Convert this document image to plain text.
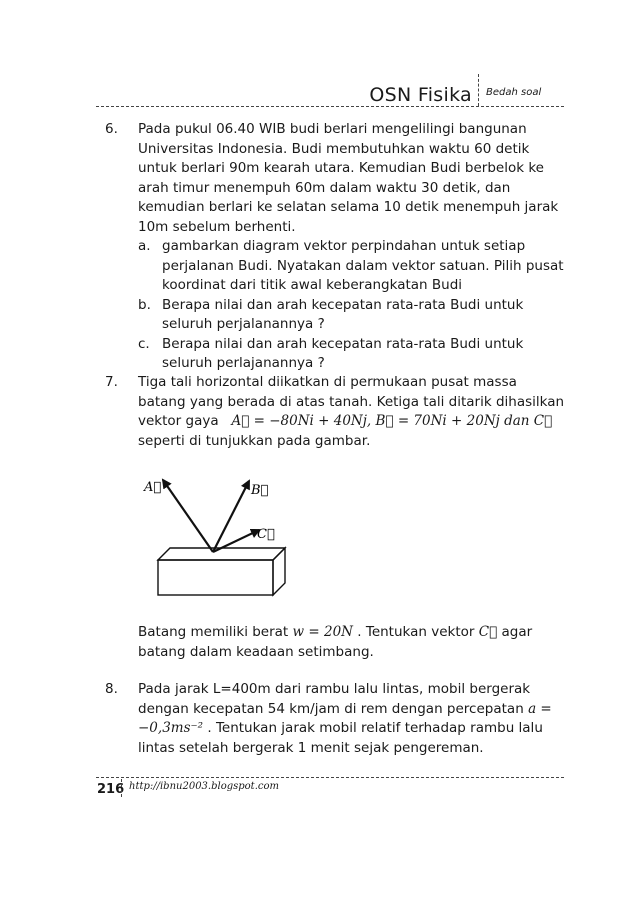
OSN Fisika Bedah soal
6. Pada pukul 06.40 WIB budi berlari mengelilingi bangunan Universitas Indonesia. Budi membutuhkan waktu 60 detik untuk berlari 90m kearah utara. Kemudian Budi berbelok ke arah timur menempuh 60m dalam waktu 30 detik, dan kemudian berlari ke selatan selama 10 detik menempuh jarak 10m sebelum berhenti.
a. gambarkan diagram vektor perpindahan untuk setiap perjalanan Budi. Nyatakan dalam vektor satuan. Pilih pusat koordinat dari titik awal keberangkatan Budi
b. Berapa nilai dan arah kecepatan rata-rata Budi untuk seluruh perjalanannya ?
c. Berapa nilai dan arah kecepatan rata-rata Budi untuk seluruh perlajanannya ?
7. Tiga tali horizontal diikatkan di permukaan pusat massa batang yang berada di atas tanah. Ketiga tali ditarik dihasilkan vektor gaya A⃗ = −80Ni + 40Nj, B⃗ = 70Ni + 20Nj dan C⃗ seperti di tunjukkan pada gambar.
A⃗	B⃗
C⃗
Batang memiliki berat w = 20N . Tentukan vektor C⃗ agar batang dalam keadaan setimbang.
8. Pada jarak L=400m dari rambu lalu lintas, mobil bergerak dengan kecepatan 54 km/jam di rem dengan percepatan a = −0,3ms⁻² . Tentukan jarak mobil relatif terhadap rambu lalu lintas setelah bergerak 1 menit sejak pengereman.
216 http://ibnu2003.blogspot.com
